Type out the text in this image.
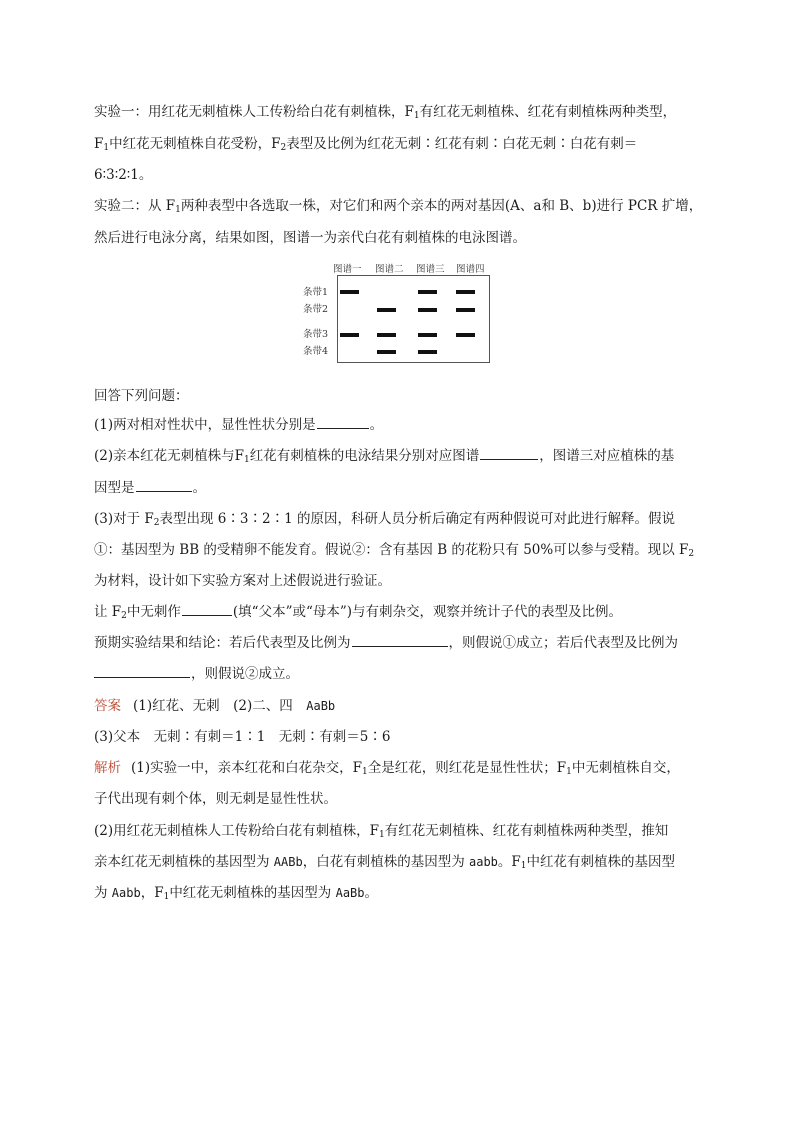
实验一：用红花无刺植株人工传粉给白花有刺植株，$F_1$有红花无刺植株、红花有刺植株两种类型，
$F_1$中红花无刺植株自花受粉，$F_2$表型及比例为红花无刺∶红花有刺∶白花无刺∶白花有刺＝
6∶3∶2∶1。
实验二：从 $F_1$两种表型中各选取一株，对它们和两个亲本的两对基因(A、a和 B、b)进行 PCR 扩增，
然后进行电泳分离，结果如图，图谱一为亲代白花有刺植株的电泳图谱。
图谱一 图谱二 图谱三 图谱四
条带1
条带2
条带3
条带4
回答下列问题：
(1)两对相对性状中，显性性状分别是	。
(2)亲本红花无刺植株与$F_1$红花有刺植株的电泳结果分别对应图谱	，图谱三对应植株的基
因型是	。
(3)对于 $F_2$表型出现 6∶3∶2∶1 的原因，科研人员分析后确定有两种假说可对此进行解释。假说
①：基因型为 BB 的受精卵不能发育。假说②：含有基因 B 的花粉只有 50%可以参与受精。现以 $F_2$
为材料，设计如下实验方案对上述假说进行验证。
让 $F_2$中无刺作	(填“父本”或“母本”)与有刺杂交，观察并统计子代的表型及比例。
预期实验结果和结论：若后代表型及比例为	，则假说①成立；若后代表型及比例为
，则假说②成立。
答案 (1)红花、无刺　(2)二、四　AaBb
(3)父本　无刺∶有刺＝1∶1　无刺∶有刺＝5∶6
解析 (1)实验一中，亲本红花和白花杂交，$F_1$全是红花，则红花是显性性状；$F_1$中无刺植株自交，
子代出现有刺个体，则无刺是显性性状。
(2)用红花无刺植株人工传粉给白花有刺植株，$F_1$有红花无刺植株、红花有刺植株两种类型，推知
亲本红花无刺植株的基因型为 AABb，白花有刺植株的基因型为 aabb。$F_1$中红花有刺植株的基因型
为 Aabb，$F_1$中红花无刺植株的基因型为 AaBb。
